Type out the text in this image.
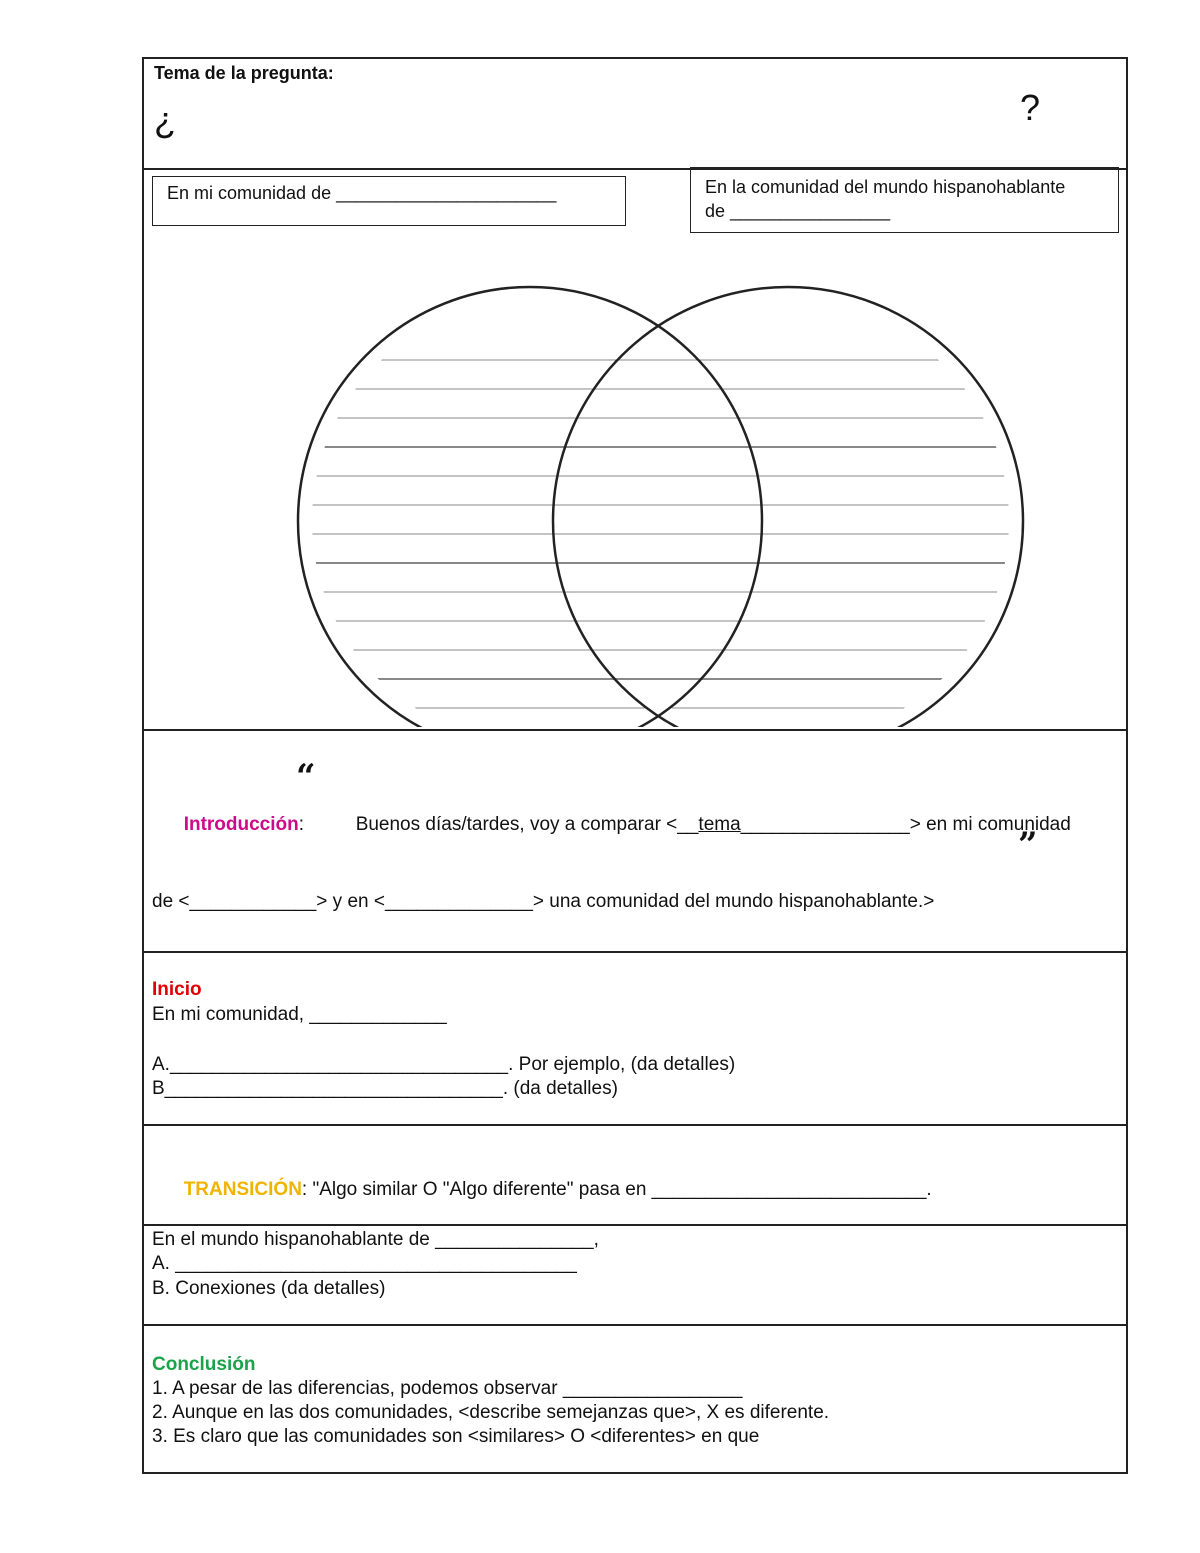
Tema de la pregunta:
¿	?
En mi comunidad de ______________________	En la comunidad del mundo hispanohablante
de ________________

Introducción:

“

Buenos días/tardes, voy a comparar <__tema________________> en mi comunidad

”
de <____________> y en <______________> una comunidad del mundo hispanohablante.>
Inicio
En mi comunidad, _____________
A.________________________________. Por ejemplo, (da detalles)
B________________________________. (da detalles)

TRANSICIÓN: "Algo similar O "Algo diferente" pasa en __________________________.

En el mundo hispanohablante de _______________,
A. ______________________________________
B. Conexiones (da detalles)
Conclusión
1. A pesar de las diferencias, podemos observar _________________
2. Aunque en las dos comunidades, <describe semejanzas que>, X es diferente.
3. Es claro que las comunidades son <similares> O <diferentes> en que
